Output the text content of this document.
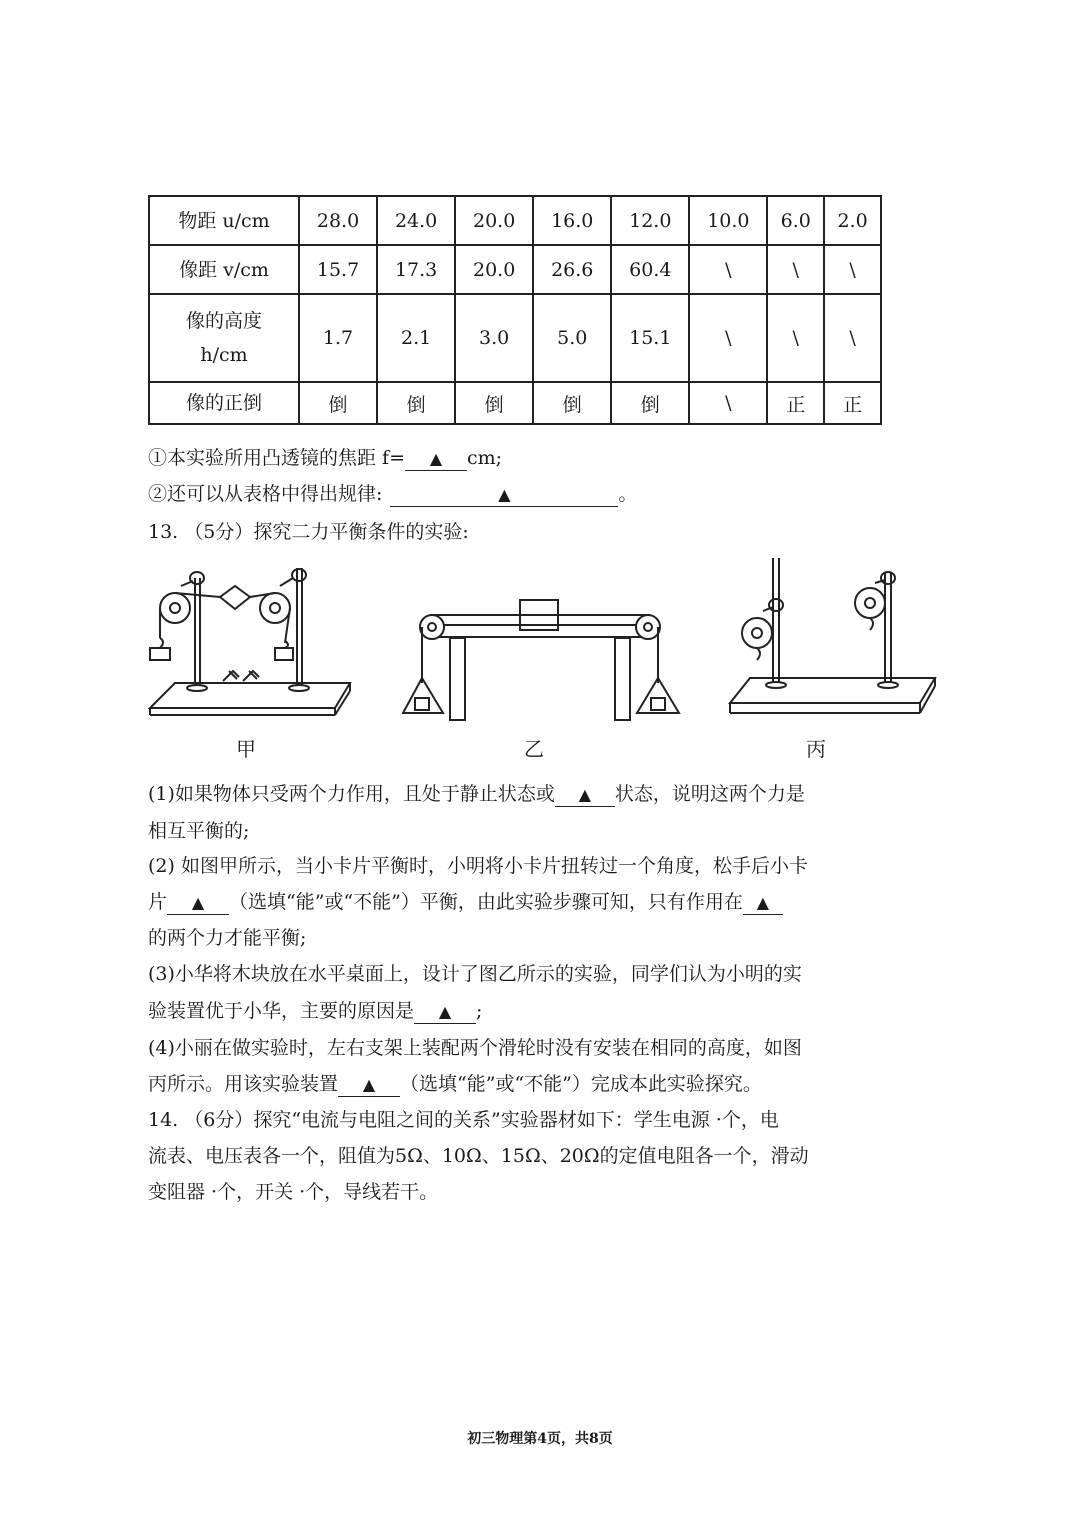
物距 u/cm	28.0	24.0	20.0	16.0	12.0	10.0	6.0	2.0
像距 v/cm	15.7	17.3	20.0	26.6	60.4	\	\	\

像的高度
h/cm	1.7	2.1	3.0	5.0	15.1	\	\	\
像的正倒	倒	倒	倒	倒	倒	\	正	正
①本实验所用凸透镜的焦距 f= ▲ cm;
②还可以从表格中得出规律:	▲	。
13. （5分）探究二力平衡条件的实验:
甲	乙	丙
(1)如果物体只受两个力作用，且处于静止状态或 ▲ 状态，说明这两个力是
相互平衡的;
(2) 如图甲所示，当小卡片平衡时，小明将小卡片扭转过一个角度，松手后小卡
片 ▲ （选填“能”或“不能”）平衡，由此实验步骤可知，只有作用在 ▲
的两个力才能平衡;
(3)小华将木块放在水平桌面上，设计了图乙所示的实验，同学们认为小明的实
验装置优于小华，主要的原因是 ▲ ;
(4)小丽在做实验时，左右支架上装配两个滑轮时没有安装在相同的高度，如图
丙所示。用该实验装置 ▲ （选填“能”或“不能”）完成本此实验探究。
14. （6分）探究“电流与电阻之间的关系”实验器材如下：学生电源 ·个，电
流表、电压表各一个，阻值为5Ω、10Ω、15Ω、20Ω的定值电阻各一个，滑动
变阻器 ·个，开关 ·个，导线若干。
初三物理第4页，共8页
